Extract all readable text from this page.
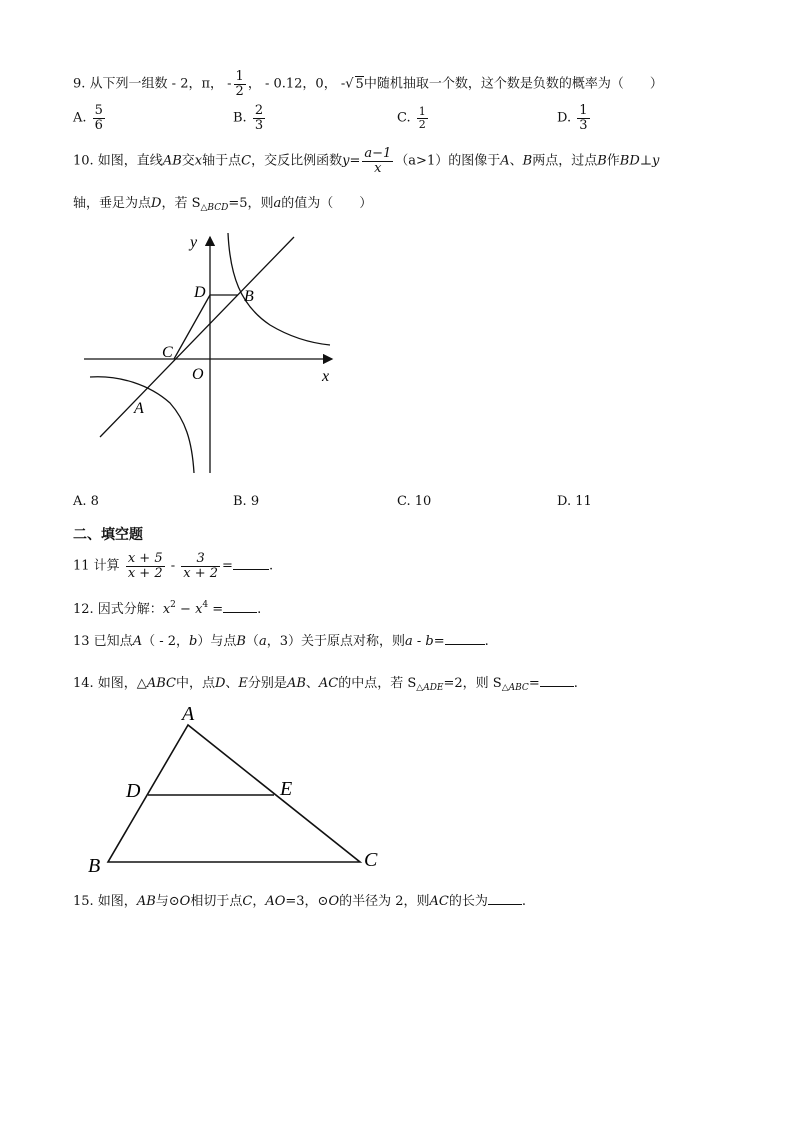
9. 从下列一组数 - 2，π， - $\frac{1}{2}$ ， - 0.12，0， -√ 5中随机抽取一个数，这个数是负数的概率为（　　）
A. $\frac{5}{6}$	B. $\frac{2}{3}$	C. $\frac{1}{2}$	D. $\frac{1}{3}$
10. 如图，直线AB交x轴于点C，交反比例函数$y= \frac{a-1}{x} (a>1)$的图像于A、B两点，过点B作BD⊥y
轴，垂足为点D，若 $S_{\triangle BCD}=5$，则a的值为（　　）
y
x
O
D B
C
A
A. 8	B. 9	C. 10	D. 11
二、填空题
11 计算 $\frac{x + 5}{x + 2} - \frac{3}{x + 2}$ =	.
12. 因式分解：$x^2 - x^4$ =	.
13 已知点A（ - 2，b）与点B（a，3）关于原点对称，则a - b=	.
14. 如图，△ABC中，点D、E分别是AB、AC的中点，若 $S_{\triangle ADE}=2$，则 $S_{\triangle ABC}=$	.
A
B	C
D	E
15. 如图，AB与⊙O相切于点C，AO=3，⊙O的半径为 2，则AC的长为	.
